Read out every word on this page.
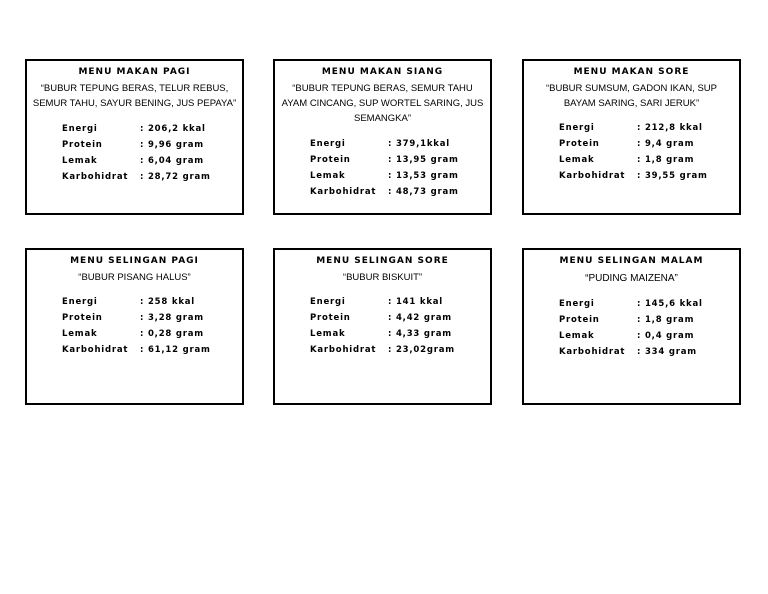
MENU MAKAN PAGI
“BUBUR TEPUNG BERAS, TELUR REBUS,
SEMUR TAHU, SAYUR BENING, JUS PEPAYA”
Energi	: 206,2 kkal
Protein	: 9,96 gram
Lemak	: 6,04 gram
Karbohidrat : 28,72 gram
MENU MAKAN SIANG
“BUBUR TEPUNG BERAS, SEMUR TAHU
AYAM CINCANG, SUP WORTEL SARING, JUS
SEMANGKA”
Energi	: 379,1kkal
Protein	: 13,95 gram
Lemak	: 13,53 gram
Karbohidrat : 48,73 gram
MENU MAKAN SORE
“BUBUR SUMSUM, GADON IKAN, SUP
BAYAM SARING, SARI JERUK”
Energi	: 212,8 kkal
Protein	: 9,4 gram
Lemak	: 1,8 gram
Karbohidrat : 39,55 gram
MENU SELINGAN PAGI
“BUBUR PISANG HALUS”
Energi	: 258 kkal
Protein	: 3,28 gram
Lemak	: 0,28 gram
Karbohidrat : 61,12 gram
MENU SELINGAN SORE
“BUBUR BISKUIT”
Energi	: 141 kkal
Protein	: 4,42 gram
Lemak	: 4,33 gram
Karbohidrat : 23,02gram
MENU SELINGAN MALAM
“PUDING MAIZENA”
Energi	: 145,6 kkal
Protein	: 1,8 gram
Lemak	: 0,4 gram
Karbohidrat : 334 gram
